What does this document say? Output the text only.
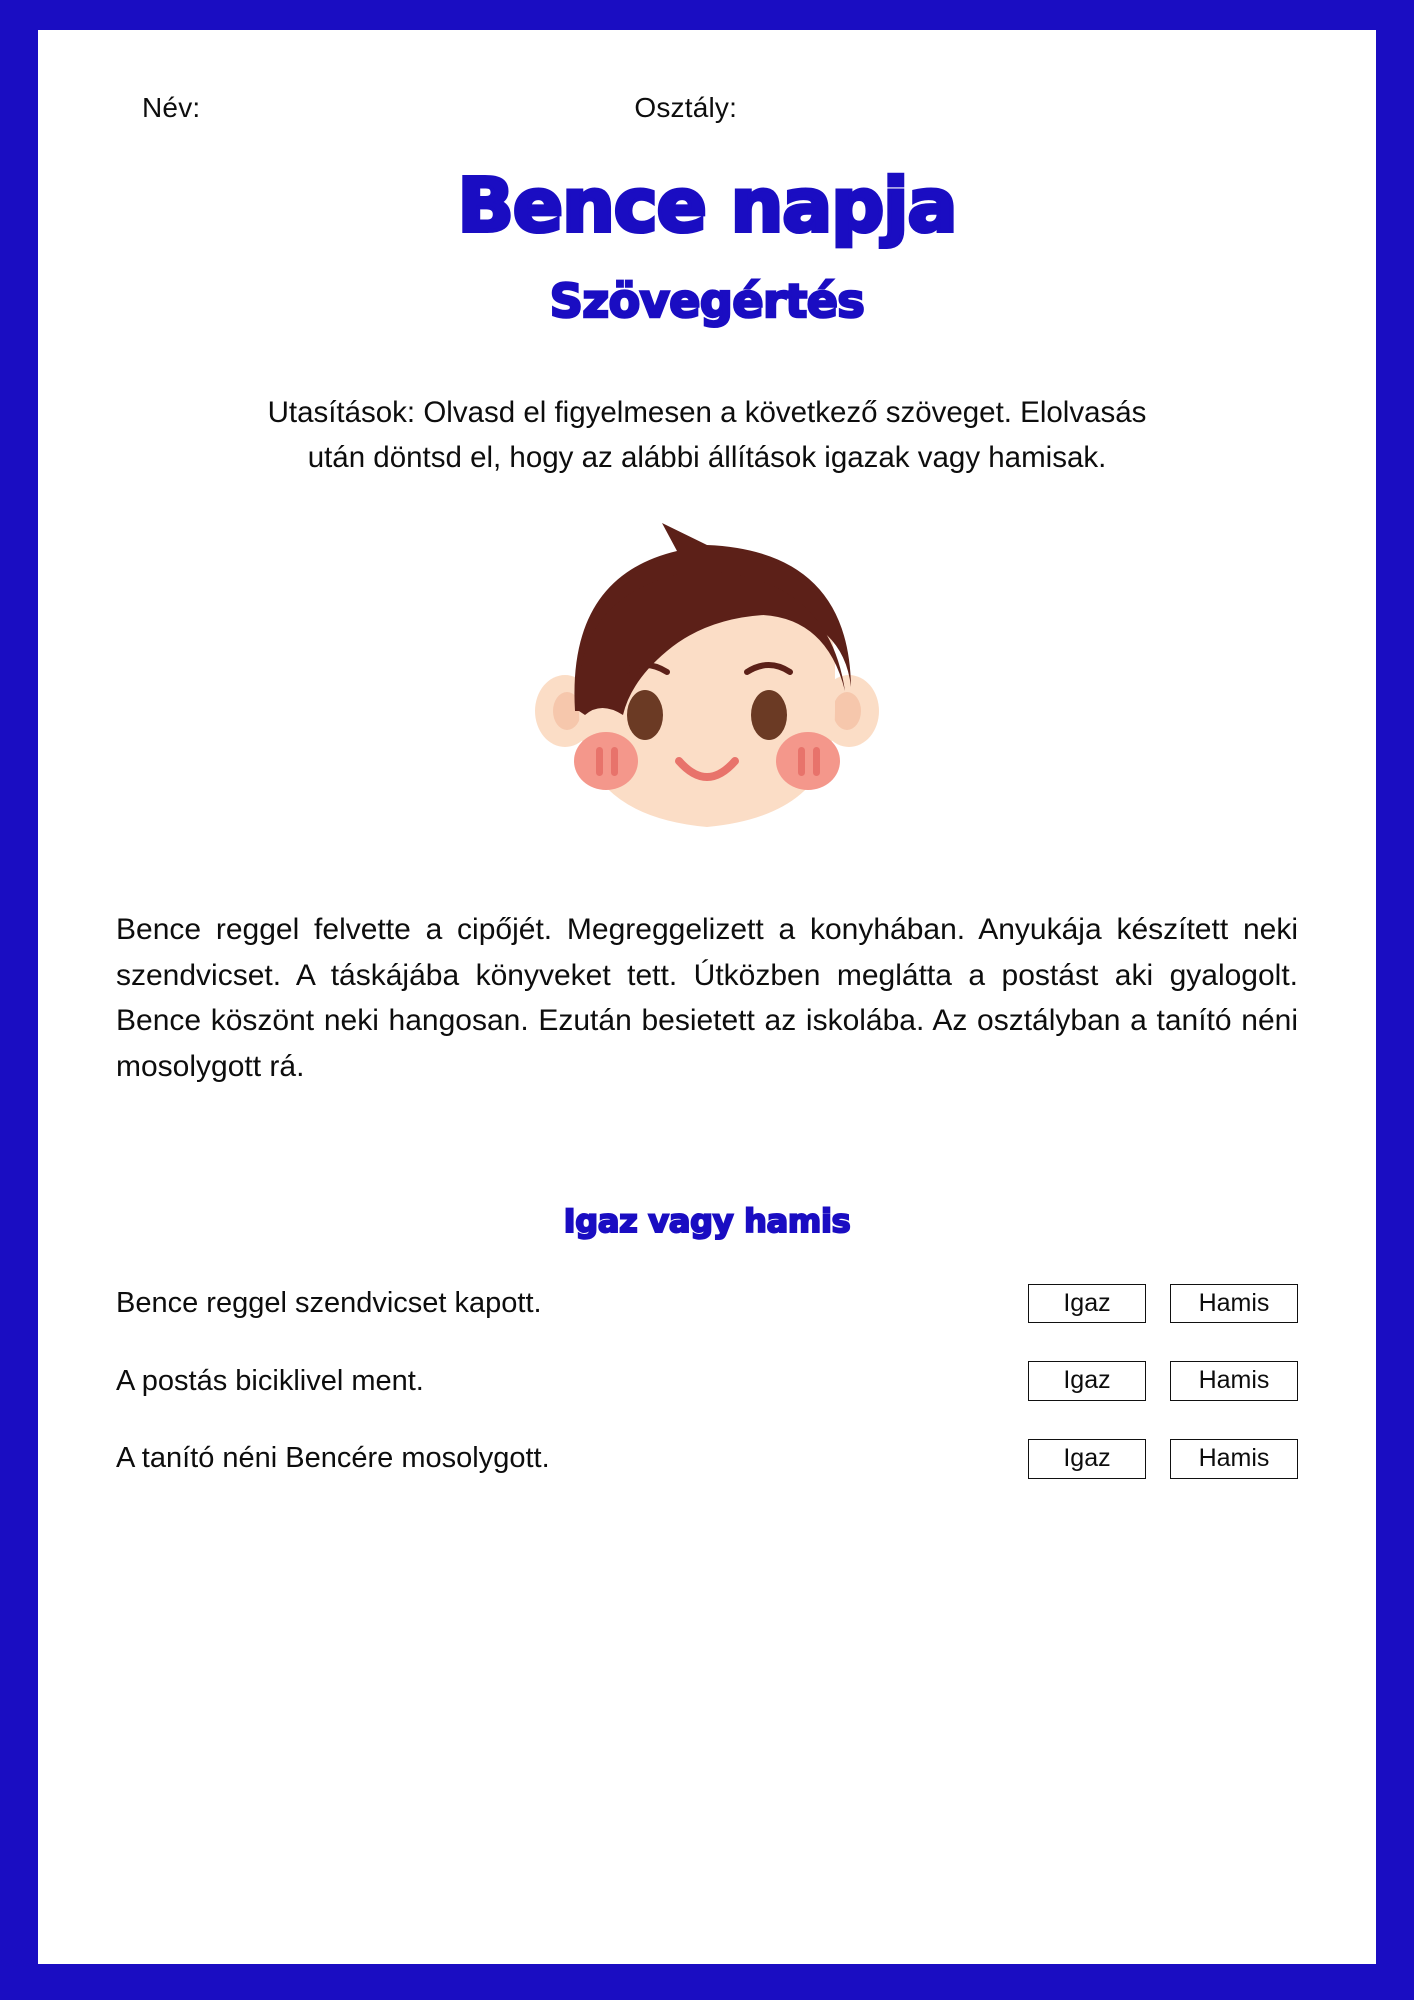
Név:	Osztály:
Bence napja
Szövegértés
Utasítások: Olvasd el figyelmesen a következő szöveget. Elolvasás után döntsd el, hogy az alábbi állítások igazak vagy hamisak.
Bence reggel felvette a cipőjét. Megreggelizett a konyhában. Anyukája készített neki szendvicset. A táskájába könyveket tett. Útközben meglátta a postást aki gyalogolt. Bence köszönt neki hangosan. Ezután besietett az iskolába. Az osztályban a tanító néni mosolygott rá.
Igaz vagy hamis
Bence reggel szendvicset kapott.	Igaz	Hamis
A postás biciklivel ment.	Igaz	Hamis
A tanító néni Bencére mosolygott.	Igaz	Hamis
